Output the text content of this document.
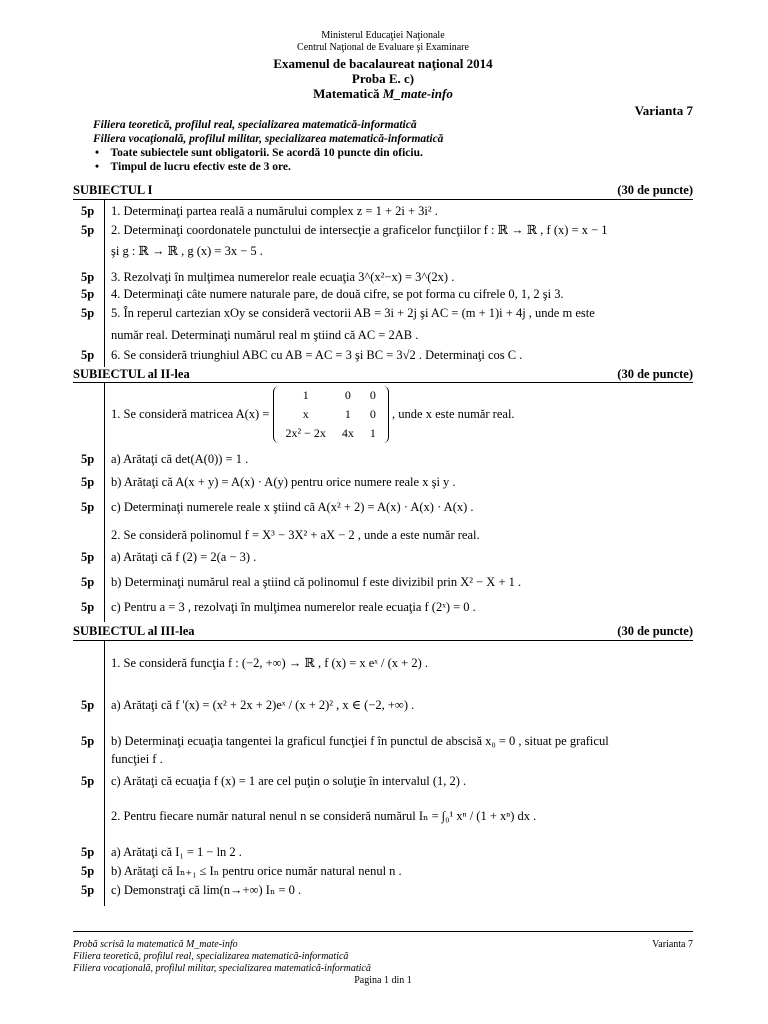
Ministerul Educaţiei Naţionale
Centrul Naţional de Evaluare şi Examinare
Examenul de bacalaureat naţional 2014
Proba E. c)
Matematică M_mate-info
Varianta 7
Filiera teoretică, profilul real, specializarea matematică-informatică
Filiera vocaţională, profilul militar, specializarea matematică-informatică
•    Toate subiectele sunt obligatorii. Se acordă 10 puncte din oficiu.
•    Timpul de lucru efectiv este de 3 ore.
SUBIECTUL I	(30 de puncte)
5p 1. Determinaţi partea reală a numărului complex z = 1 + 2i + 3i² .
5p 2. Determinaţi coordonatele punctului de intersecţie a graficelor funcţiilor f : ℝ → ℝ , f (x) = x − 1
şi g : ℝ → ℝ , g (x) = 3x − 5 .
5p 3. Rezolvaţi în mulţimea numerelor reale ecuaţia 3^(x²−x) = 3^(2x) .
5p 4. Determinaţi câte numere naturale pare, de două cifre, se pot forma cu cifrele 0, 1, 2 şi 3.
5p 5. În reperul cartezian xOy se consideră vectorii AB = 3i + 2j şi AC = (m + 1)i + 4j , unde m este
număr real. Determinaţi numărul real m ştiind că AC = 2AB .
5p 6. Se consideră triunghiul ABC cu AB = AC = 3 şi BC = 3√2 . Determinaţi cos C .
SUBIECTUL al II-lea	(30 de puncte)
1. Se consideră matricea A(x) =
1	0	0
x	1	0
2x² − 2x	4x	1
, unde x este număr real.
5p a) Arătaţi că det(A(0)) = 1 .
5p b) Arătaţi că A(x + y) = A(x) · A(y) pentru orice numere reale x şi y .
5p c) Determinaţi numerele reale x ştiind că A(x² + 2) = A(x) · A(x) · A(x) .
2. Se consideră polinomul f = X³ − 3X² + aX − 2 , unde a este număr real.
5p a) Arătaţi că f (2) = 2(a − 3) .
5p b) Determinaţi numărul real a ştiind că polinomul f este divizibil prin X² − X + 1 .
5p c) Pentru a = 3 , rezolvaţi în mulţimea numerelor reale ecuaţia f (2ˣ) = 0 .
SUBIECTUL al III-lea	(30 de puncte)
1. Se consideră funcţia f : (−2, +∞) → ℝ , f (x) = x eˣ / (x + 2) .
5p a) Arătaţi că f '(x) = (x² + 2x + 2)eˣ / (x + 2)² , x ∈ (−2, +∞) .
5p b) Determinaţi ecuaţia tangentei la graficul funcţiei f în punctul de abscisă x₀ = 0 , situat pe graficul
funcţiei f .
5p c) Arătaţi că ecuaţia f (x) = 1 are cel puţin o soluţie în intervalul (1, 2) .
2. Pentru fiecare număr natural nenul n se consideră numărul Iₙ = ∫₀¹ xⁿ / (1 + xⁿ) dx .
5p a) Arătaţi că I₁ = 1 − ln 2 .
5p b) Arătaţi că Iₙ₊₁ ≤ Iₙ pentru orice număr natural nenul n .
5p c) Demonstraţi că lim(n→+∞) Iₙ = 0 .
Probă scrisă la matematică M_mate-info	Varianta 7
Filiera teoretică, profilul real, specializarea matematică-informatică
Filiera vocaţională, profilul militar, specializarea matematică-informatică
Pagina 1 din 1
